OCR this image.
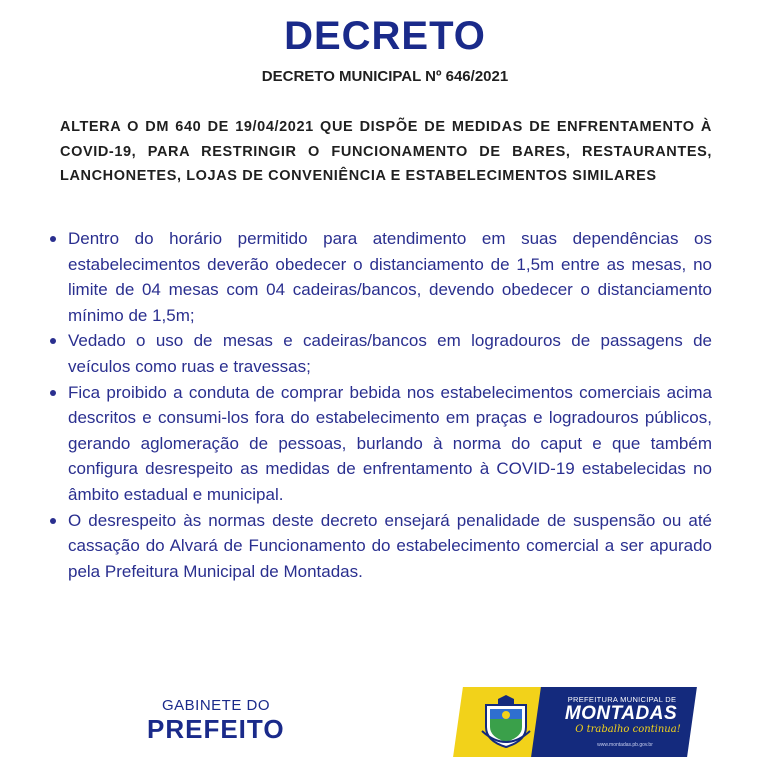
DECRETO
DECRETO MUNICIPAL Nº 646/2021
ALTERA O DM 640 DE 19/04/2021 QUE DISPÕE DE MEDIDAS DE ENFRENTAMENTO À COVID-19, PARA RESTRINGIR O FUNCIONAMENTO DE BARES, RESTAURANTES, LANCHONETES, LOJAS DE CONVENIÊNCIA E ESTABELECIMENTOS SIMILARES
Dentro do horário permitido para atendimento em suas dependências os estabelecimentos deverão obedecer o distanciamento de 1,5m entre as mesas, no limite de 04 mesas com 04 cadeiras/bancos, devendo obedecer o distanciamento mínimo de 1,5m;
Vedado o uso de mesas e cadeiras/bancos em logradouros de passagens de veículos como ruas e travessas;
Fica proibido a conduta de comprar bebida nos estabelecimentos comerciais acima descritos e consumi-los fora do estabelecimento em praças e logradouros públicos, gerando aglomeração de pessoas, burlando à norma do caput e que também configura desrespeito as medidas de enfrentamento à COVID-19 estabelecidas no âmbito estadual e municipal.
O desrespeito às normas deste decreto ensejará penalidade de suspensão ou até cassação do Alvará de Funcionamento do estabelecimento comercial a ser apurado pela Prefeitura Municipal de Montadas.
GABINETE DO
PREFEITO
PREFEITURA MUNICIPAL DE
MONTADAS
O trabalho continua!
www.montadas.pb.gov.br
